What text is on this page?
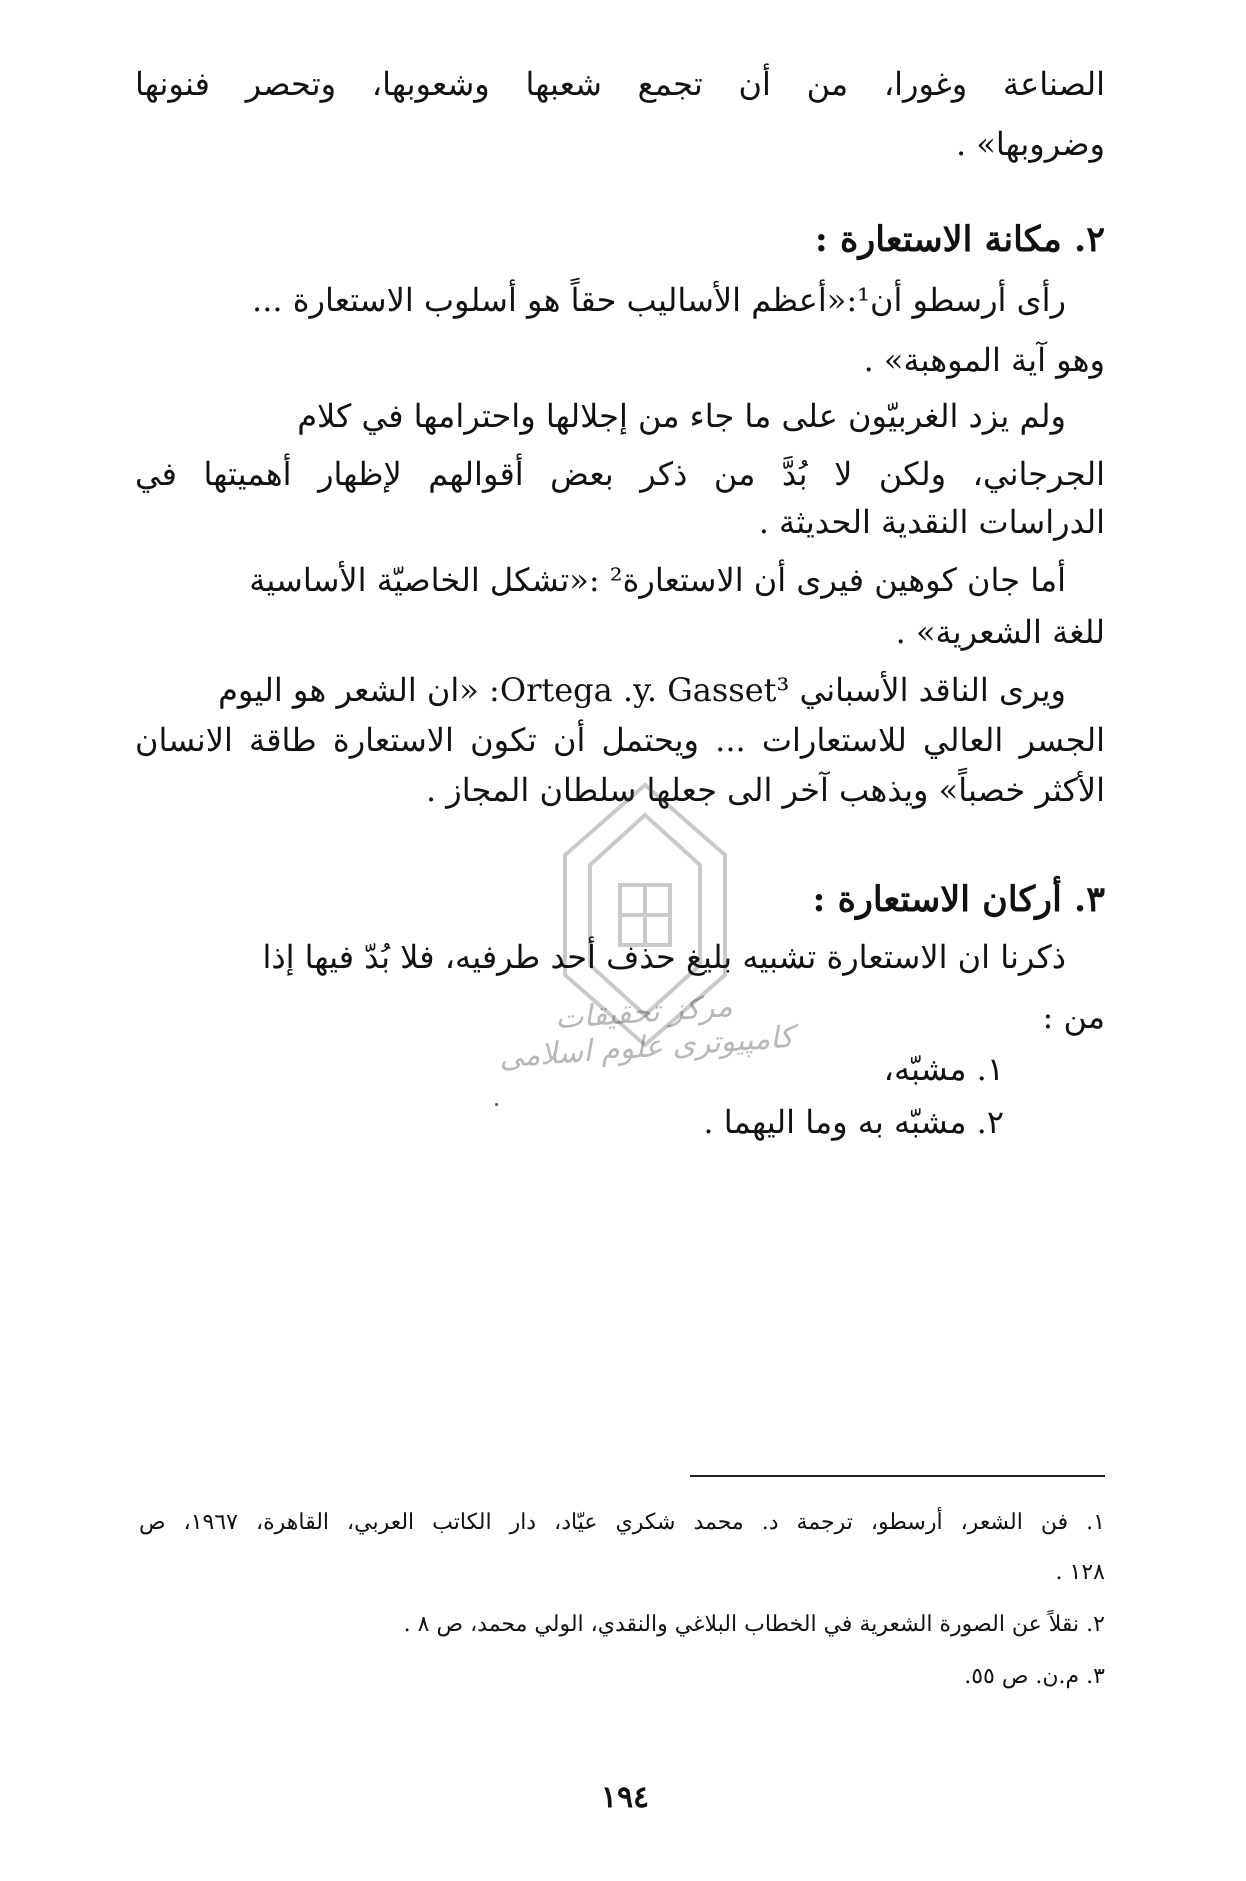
الصناعة وغورا، من أن تجمع شعبها وشعوبها، وتحصر فنونها
وضروبها» .
٢. مكانة الاستعارة :
رأى أرسطو أن¹:«أعظم الأساليب حقاً هو أسلوب الاستعارة ...
وهو آية الموهبة» .
ولم يزد الغربيّون على ما جاء من إجلالها واحترامها في كلام
الجرجاني، ولكن لا بُدَّ من ذكر بعض أقوالهم لإظهار أهميتها في
الدراسات النقدية الحديثة .
أما جان كوهين فيرى أن الاستعارة² :«تشكل الخاصيّة الأساسية
للغة الشعرية» .
ويرى الناقد الأسباني Ortega .y. Gasset³: «ان الشعر هو اليوم
الجسر العالي للاستعارات ... ويحتمل أن تكون الاستعارة طاقة الانسان
الأكثر خصباً» ويذهب آخر الى جعلها سلطان المجاز .
مركز تحقيقات كامپيوترى علوم اسلامى
٣. أركان الاستعارة :
ذكرنا ان الاستعارة تشبيه بليغ حذف أحد طرفيه، فلا بُدّ فيها إذا
من :
١. مشبّه،
٢. مشبّه به وما اليهما .
١. فن الشعر، أرسطو، ترجمة د. محمد شكري عيّاد، دار الكاتب العربي، القاهرة، ١٩٦٧، ص
١٢٨ .
٢. نقلاً عن الصورة الشعرية في الخطاب البلاغي والنقدي، الولي محمد، ص ٨ .
٣. م.ن. ص ٥٥.
١٩٤
